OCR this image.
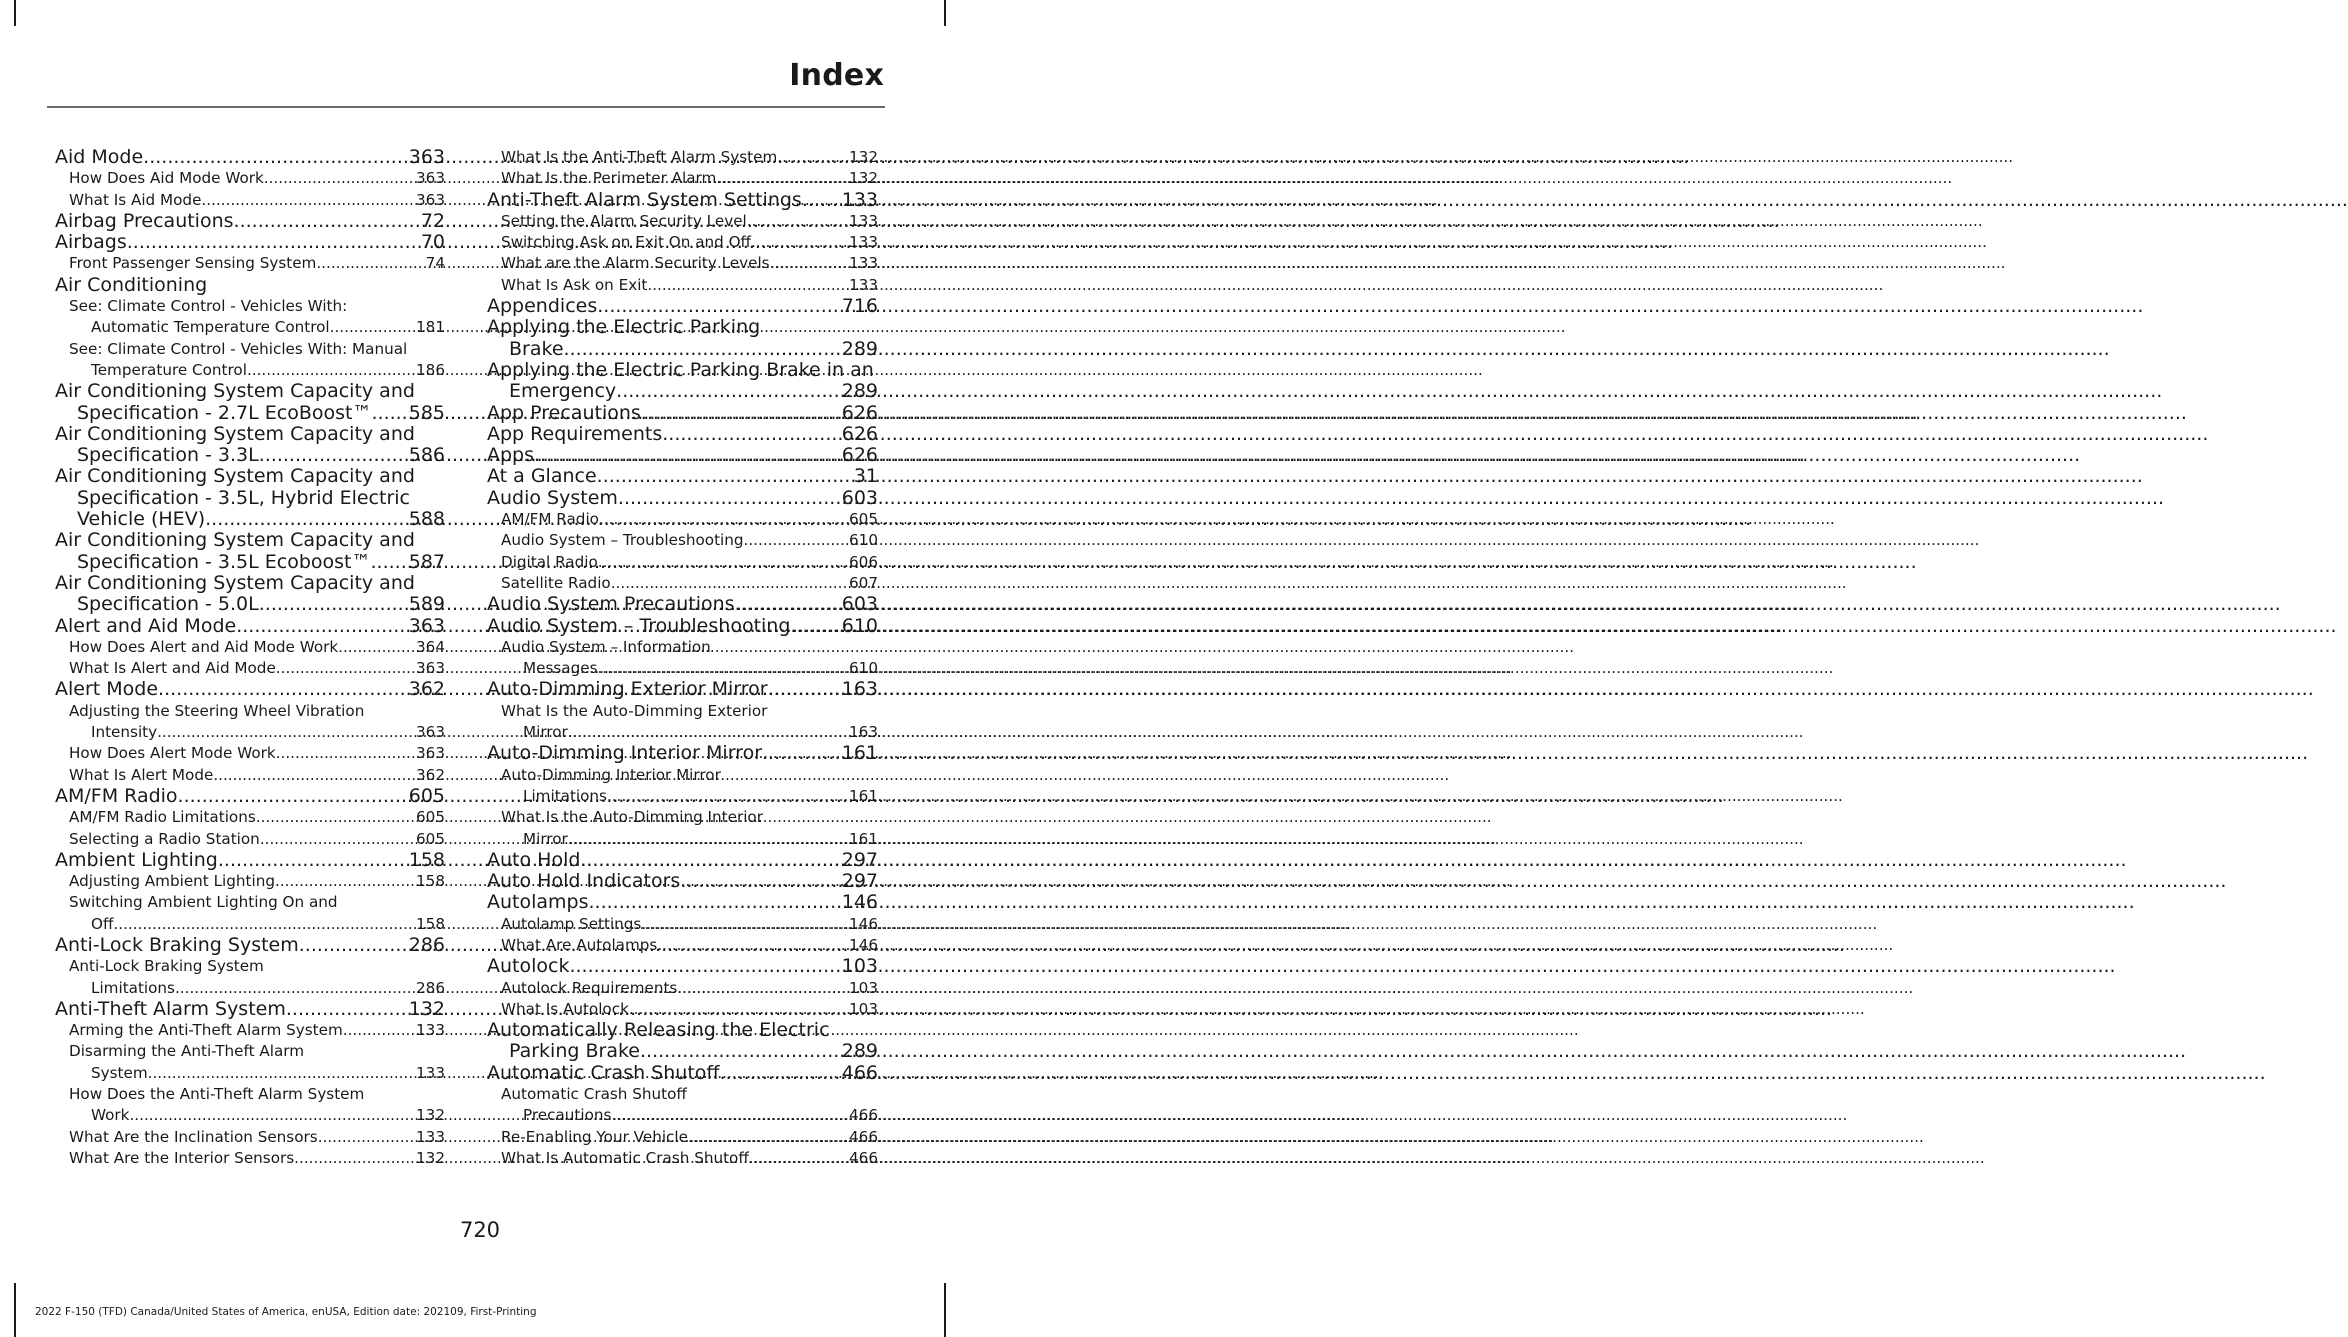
Index
Aid Mode .....	363
How Does Aid Mode Work .....	363
What Is Aid Mode .....	363
Airbag Precautions .....	72
Airbags .....	70
Front Passenger Sensing System .....	74
Air Conditioning
See: Climate Control - Vehicles With:
Automatic Temperature Control .....	181
See: Climate Control - Vehicles With: Manual
Temperature Control .....	186
Air Conditioning System Capacity and
Specification - 2.7L EcoBoost™ ..... 585
Air Conditioning System Capacity and
Specification - 3.3L .....	586
Air Conditioning System Capacity and
Specification - 3.5L, Hybrid Electric
Vehicle (HEV) .....	588
Air Conditioning System Capacity and
Specification - 3.5L Ecoboost™ ..... 587
Air Conditioning System Capacity and
Specification - 5.0L .....	589
Alert and Aid Mode .....	363
How Does Alert and Aid Mode Work .....	364
What Is Alert and Aid Mode .....	363
Alert Mode .....	362
Adjusting the Steering Wheel Vibration
Intensity .....	363
How Does Alert Mode Work .....	363
What Is Alert Mode .....	362
AM/FM Radio .....	605
AM/FM Radio Limitations .....	605
Selecting a Radio Station .....	605
Ambient Lighting .....	158
Adjusting Ambient Lighting .....	158
Switching Ambient Lighting On and
Off .....	158
Anti-Lock Braking System .....	286
Anti-Lock Braking System
Limitations .....	286
Anti-Theft Alarm System .....	132
Arming the Anti-Theft Alarm System .....	133
Disarming the Anti-Theft Alarm
System .....	133
How Does the Anti-Theft Alarm System
Work .....	132
What Are the Inclination Sensors .....	133
What Are the Interior Sensors .....	132
What Is the Anti-Theft Alarm System .....	132
What Is the Perimeter Alarm .....	132
Anti-Theft Alarm System Settings ..... 133
Setting the Alarm Security Level .....	133
Switching Ask on Exit On and Off .....	133
What are the Alarm Security Levels .....	133
What Is Ask on Exit .....	133
Appendices .....	716
Applying the Electric Parking
Brake .....	289
Applying the Electric Parking Brake in an
Emergency .....	289
App Precautions .....	626
App Requirements .....	626
Apps .....	626
At a Glance .....	31
Audio System .....	603
AM/FM Radio .....	605
Audio System – Troubleshooting .....	610
Digital Radio .....	606
Satellite Radio .....	607
Audio System Precautions .....	603
Audio System – Troubleshooting .....	610
Audio System – Information
Messages .....	610
Auto-Dimming Exterior Mirror .....	163
What Is the Auto-Dimming Exterior
Mirror .....	163
Auto-Dimming Interior Mirror .....	161
Auto-Dimming Interior Mirror
Limitations .....	161
What Is the Auto-Dimming Interior
Mirror .....	161
Auto Hold .....	297
Auto Hold Indicators .....	297
Autolamps .....	146
Autolamp Settings .....	146
What Are Autolamps .....	146
Autolock .....	103
Autolock Requirements .....	103
What Is Autolock .....	103
Automatically Releasing the Electric
Parking Brake .....	289
Automatic Crash Shutoff .....	466
Automatic Crash Shutoff
Precautions .....	466
Re-Enabling Your Vehicle .....	466
What Is Automatic Crash Shutoff .....	466
720
2022 F-150 (TFD) Canada/United States of America, enUSA, Edition date: 202109, First-Printing
